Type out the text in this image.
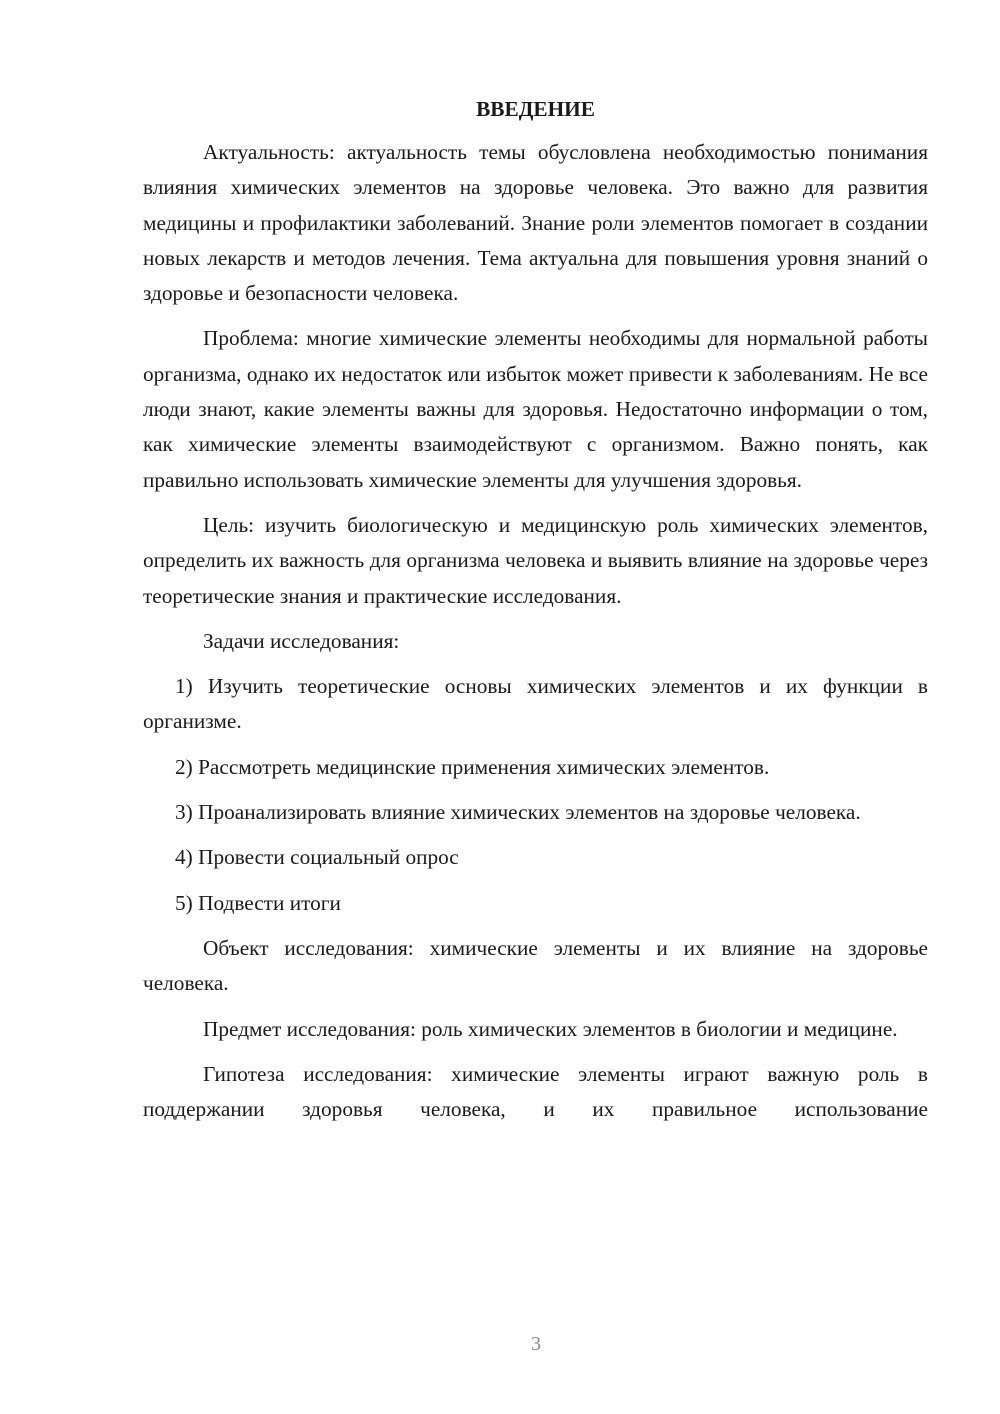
ВВЕДЕНИЕ

Актуальность: актуальность темы обусловлена необходимостью понимания влияния химических элементов на здоровье человека. Это важно для развития медицины и профилактики заболеваний. Знание роли элементов помогает в создании новых лекарств и методов лечения. Тема актуальна для повышения уровня знаний о здоровье и безопасности человека.

Проблема: многие химические элементы необходимы для нормальной работы организма, однако их недостаток или избыток может привести к заболеваниям. Не все люди знают, какие элементы важны для здоровья. Недостаточно информации о том, как химические элементы взаимодействуют с организмом. Важно понять, как правильно использовать химические элементы для улучшения здоровья.

Цель: изучить биологическую и медицинскую роль химических элементов, определить их важность для организма человека и выявить влияние на здоровье через теоретические знания и практические исследования.

Задачи исследования:

1) Изучить теоретические основы химических элементов и их функции в организме.

2) Рассмотреть медицинские применения химических элементов.

3) Проанализировать влияние химических элементов на здоровье человека.

4) Провести социальный опрос

5) Подвести итоги

Объект исследования: химические элементы и их влияние на здоровье человека.

Предмет исследования: роль химических элементов в биологии и медицине.

Гипотеза исследования: химические элементы играют важную роль в поддержании здоровья человека, и их правильное использование

3
